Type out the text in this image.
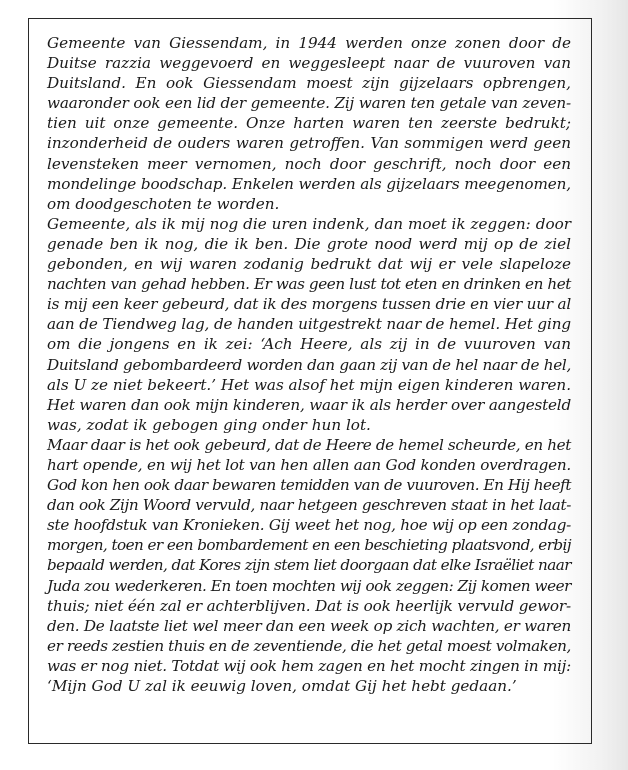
Gemeente van Giessendam, in 1944 werden onze zonen door de
Duitse razzia weggevoerd en weggesleept naar de vuuroven van
Duitsland. En ook Giessendam moest zijn gijzelaars opbrengen,
waaronder ook een lid der gemeente. Zij waren ten getale van zeven-
tien uit onze gemeente. Onze harten waren ten zeerste bedrukt;
inzonderheid de ouders waren getroffen. Van sommigen werd geen
levensteken meer vernomen, noch door geschrift, noch door een
mondelinge boodschap. Enkelen werden als gijzelaars meegenomen,
om doodgeschoten te worden.
Gemeente, als ik mij nog die uren indenk, dan moet ik zeggen: door
genade ben ik nog, die ik ben. Die grote nood werd mij op de ziel
gebonden, en wij waren zodanig bedrukt dat wij er vele slapeloze
nachten van gehad hebben. Er was geen lust tot eten en drinken en het
is mij een keer gebeurd, dat ik des morgens tussen drie en vier uur al
aan de Tiendweg lag, de handen uitgestrekt naar de hemel. Het ging
om die jongens en ik zei: ‘Ach Heere, als zij in de vuuroven van
Duitsland gebombardeerd worden dan gaan zij van de hel naar de hel,
als U ze niet bekeert.’ Het was alsof het mijn eigen kinderen waren.
Het waren dan ook mijn kinderen, waar ik als herder over aangesteld
was, zodat ik gebogen ging onder hun lot.
Maar daar is het ook gebeurd, dat de Heere de hemel scheurde, en het
hart opende, en wij het lot van hen allen aan God konden overdragen.
God kon hen ook daar bewaren temidden van de vuuroven. En Hij heeft
dan ook Zijn Woord vervuld, naar hetgeen geschreven staat in het laat-
ste hoofdstuk van Kronieken. Gij weet het nog, hoe wij op een zondag-
morgen, toen er een bombardement en een beschieting plaatsvond, erbij
bepaald werden, dat Kores zijn stem liet doorgaan dat elke Israëliet naar
Juda zou wederkeren. En toen mochten wij ook zeggen: Zij komen weer
thuis; niet één zal er achterblijven. Dat is ook heerlijk vervuld gewor-
den. De laatste liet wel meer dan een week op zich wachten, er waren
er reeds zestien thuis en de zeventiende, die het getal moest volmaken,
was er nog niet. Totdat wij ook hem zagen en het mocht zingen in mij:
‘Mijn God U zal ik eeuwig loven, omdat Gij het hebt gedaan.’
